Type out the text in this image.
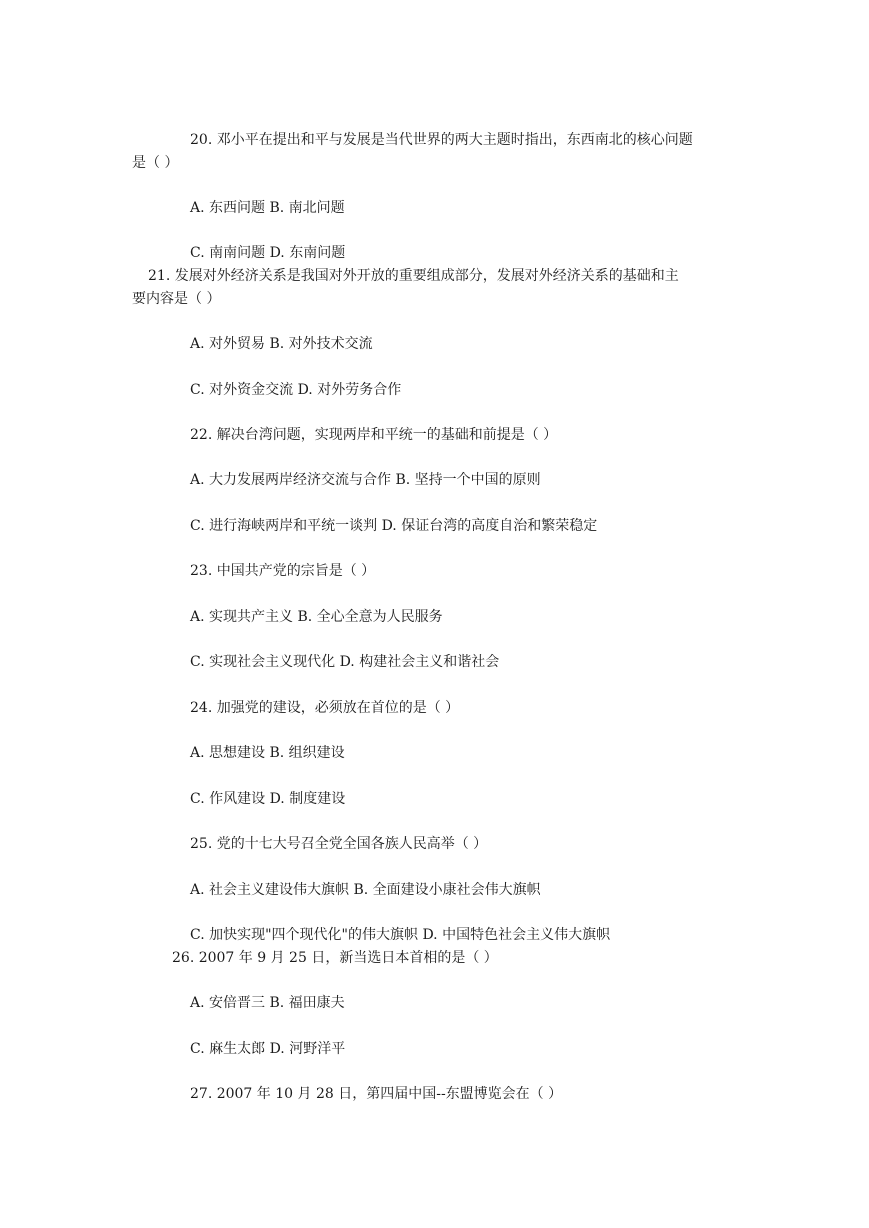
20. 邓小平在提出和平与发展是当代世界的两大主题时指出，东西南北的核心问题
是（ ）
A. 东西问题 B. 南北问题
C. 南南问题 D. 东南问题
21. 发展对外经济关系是我国对外开放的重要组成部分，发展对外经济关系的基础和主
要内容是（ ）
A. 对外贸易 B. 对外技术交流
C. 对外资金交流 D. 对外劳务合作
22. 解决台湾问题，实现两岸和平统一的基础和前提是（ ）
A. 大力发展两岸经济交流与合作 B. 坚持一个中国的原则
C. 进行海峡两岸和平统一谈判 D. 保证台湾的高度自治和繁荣稳定
23. 中国共产党的宗旨是（ ）
A. 实现共产主义 B. 全心全意为人民服务
C. 实现社会主义现代化 D. 构建社会主义和谐社会
24. 加强党的建设，必须放在首位的是（ ）
A. 思想建设 B. 组织建设
C. 作风建设 D. 制度建设
25. 党的十七大号召全党全国各族人民高举（ ）
A. 社会主义建设伟大旗帜 B. 全面建设小康社会伟大旗帜
C. 加快实现"四个现代化"的伟大旗帜 D. 中国特色社会主义伟大旗帜
26. 2007 年 9 月 25 日，新当选日本首相的是（ ）
A. 安倍晋三 B. 福田康夫
C. 麻生太郎 D. 河野洋平
27. 2007 年 10 月 28 日，第四届中国--东盟博览会在（ ）
